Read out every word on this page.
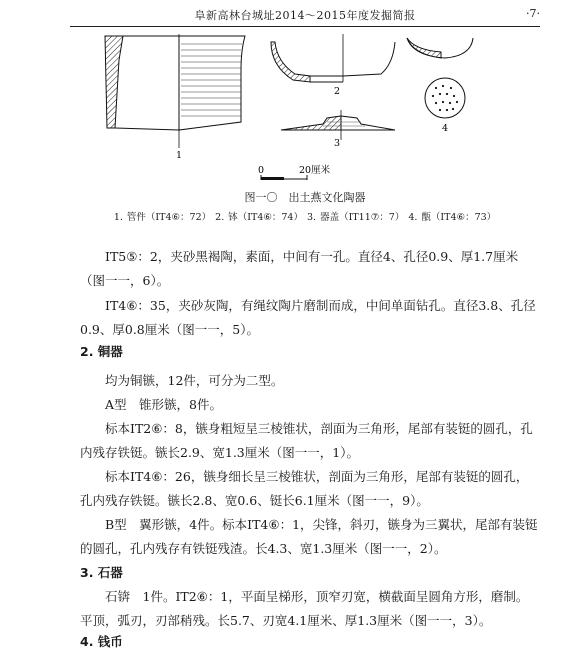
阜新高林台城址2014～2015年度发掘简报	·7·
1
2
3
4
0	20厘米
图一〇　出土燕文化陶器
1. 管件（ⅠT4⑥：72） 2. 钵（ⅠT4⑥：74） 3. 器盖（ⅠT11⑦：7） 4. 甑（ⅠT4⑥：73）

ⅠT5⑤：2，夹砂黑褐陶，素面，中间有一孔。直径4、孔径0.9、厚1.7厘米（图一一，6）。

ⅠT4⑥：35，夹砂灰陶，有绳纹陶片磨制而成，中间单面钻孔。直径3.8、孔径0.9、厚0.8厘米（图一一，5）。

2. 铜器

均为铜镞，12件，可分为二型。

A型　锥形镞，8件。

标本ⅠT2⑥：8，镞身粗短呈三棱锥状，剖面为三角形，尾部有装铤的圆孔，孔内残存铁铤。镞长2.9、宽1.3厘米（图一一，1）。

标本ⅠT4⑥：26，镞身细长呈三棱锥状，剖面为三角形，尾部有装铤的圆孔，孔内残存铁铤。镞长2.8、宽0.6、铤长6.1厘米（图一一，9）。

B型　翼形镞，4件。标本ⅠT4⑥：1，尖锋，斜刃，镞身为三翼状，尾部有装铤的圆孔，孔内残存有铁铤残渣。长4.3、宽1.3厘米（图一一，2）。

3. 石器

石锛　1件。ⅠT2⑥：1，平面呈梯形，顶窄刃宽，横截面呈圆角方形，磨制。平顶，弧刃，刃部稍残。长5.7、刃宽4.1厘米、厚1.3厘米（图一一，3）。

4. 钱币
